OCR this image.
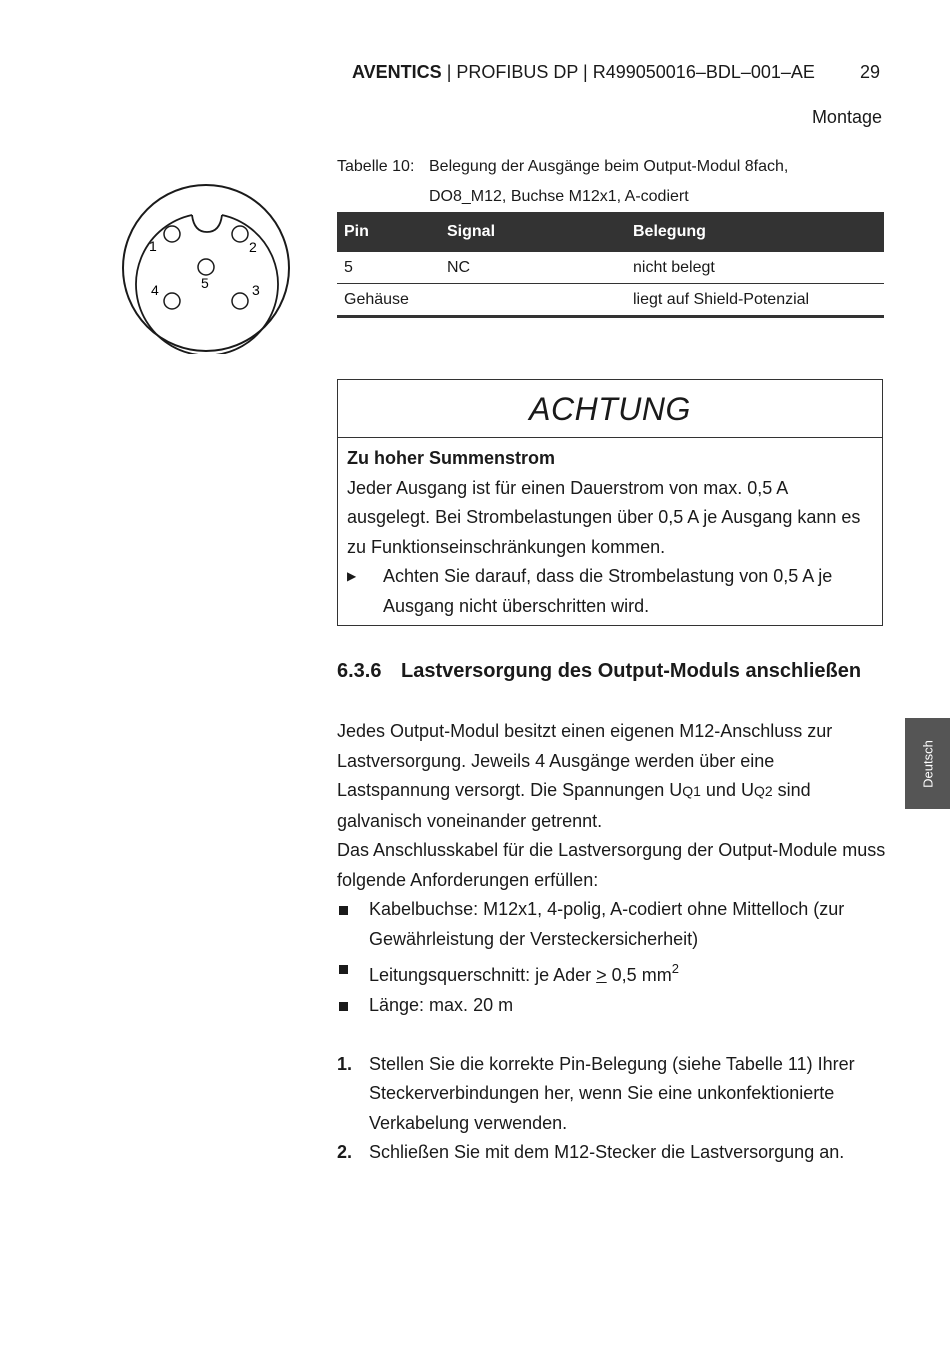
AVENTICS | PROFIBUS DP | R499050016–BDL–001–AE	29
Montage
1	2
3
4	5
Tabelle 10: Belegung der Ausgänge beim Output-Modul 8fach, DO8_M12, Buchse M12x1, A-codiert
Pin	Signal	Belegung
5	NC	nicht belegt
Gehäuse		liegt auf Shield-Potenzial
ACHTUNG
Zu hoher Summenstrom
Jeder Ausgang ist für einen Dauerstrom von max. 0,5 A ausgelegt. Bei Strombelastungen über 0,5 A je Ausgang kann es zu Funktionseinschränkungen kommen.
▶ Achten Sie darauf, dass die Strombelastung von 0,5 A je Ausgang nicht überschritten wird.
6.3.6 Lastversorgung des Output-Moduls anschließen

Jedes Output-Modul besitzt einen eigenen M12-Anschluss zur Lastversorgung. Jeweils 4 Ausgänge werden über eine Lastspannung versorgt. Die Spannungen UQ1 und UQ2 sind galvanisch voneinander getrennt.

Das Anschlusskabel für die Lastversorgung der Output-Module muss folgende Anforderungen erfüllen:

Kabelbuchse: M12x1, 4-polig, A-codiert ohne Mittelloch (zur Gewährleistung der Versteckersicherheit)
Leitungsquerschnitt: je Ader ≥ 0,5 $mm^2$
Länge: max. 20 m
1. Stellen Sie die korrekte Pin-Belegung (siehe Tabelle 11) Ihrer Steckerverbindungen her, wenn Sie eine unkonfektionierte Verkabelung verwenden.
2. Schließen Sie mit dem M12-Stecker die Lastversorgung an.
Deutsch
